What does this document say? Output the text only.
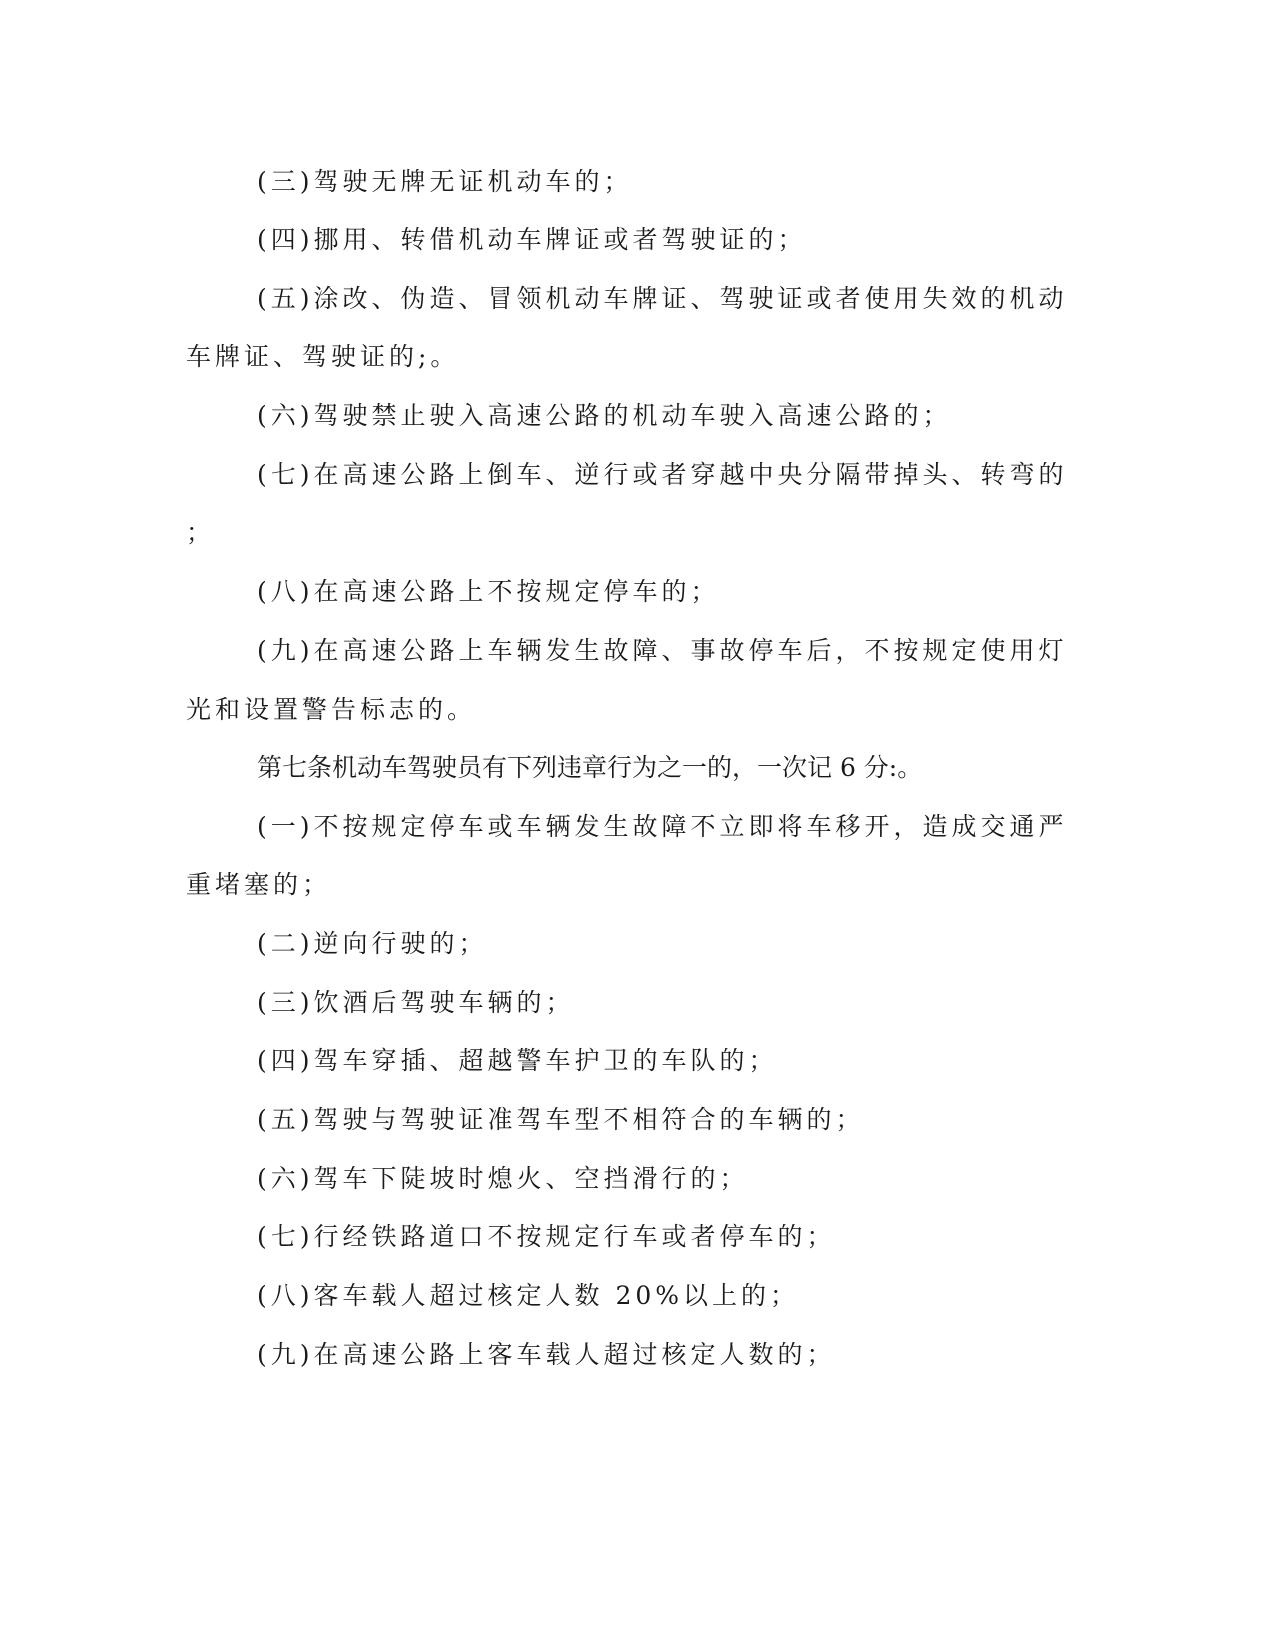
(三)驾驶无牌无证机动车的；

(四)挪用、转借机动车牌证或者驾驶证的；

(五)涂改、伪造、冒领机动车牌证、驾驶证或者使用失效的机动

车牌证、驾驶证的;。

(六)驾驶禁止驶入高速公路的机动车驶入高速公路的；

(七)在高速公路上倒车、逆行或者穿越中央分隔带掉头、转弯的

；

(八)在高速公路上不按规定停车的；

(九)在高速公路上车辆发生故障、事故停车后，不按规定使用灯

光和设置警告标志的。

第七条机动车驾驶员有下列违章行为之一的，一次记 6 分:。

(一)不按规定停车或车辆发生故障不立即将车移开，造成交通严

重堵塞的；

(二)逆向行驶的；

(三)饮酒后驾驶车辆的；

(四)驾车穿插、超越警车护卫的车队的；

(五)驾驶与驾驶证准驾车型不相符合的车辆的；

(六)驾车下陡坡时熄火、空挡滑行的；

(七)行经铁路道口不按规定行车或者停车的；

(八)客车载人超过核定人数 20%以上的；

(九)在高速公路上客车载人超过核定人数的；
